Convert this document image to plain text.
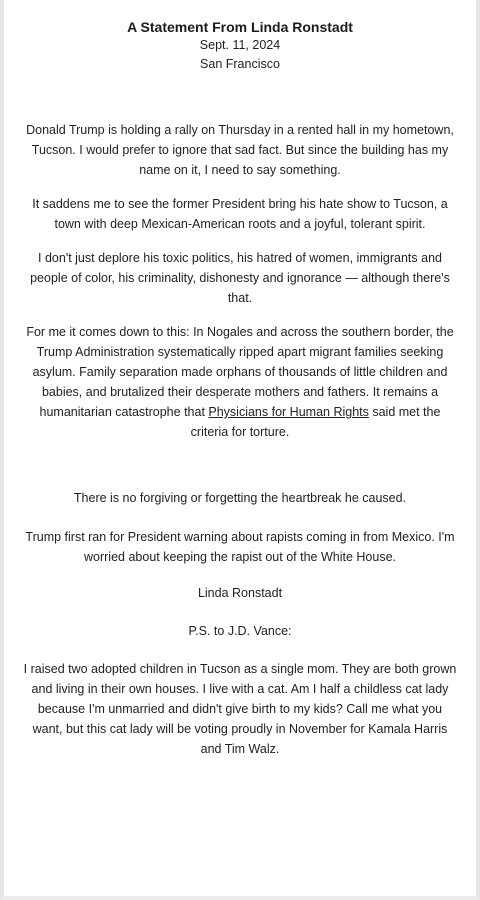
A Statement From Linda Ronstadt

Sept. 11, 2024

San Francisco

Donald Trump is holding a rally on Thursday in a rented hall in my hometown, Tucson. I would prefer to ignore that sad fact. But since the building has my name on it, I need to say something.

It saddens me to see the former President bring his hate show to Tucson, a town with deep Mexican-American roots and a joyful, tolerant spirit.

I don't just deplore his toxic politics, his hatred of women, immigrants and people of color, his criminality, dishonesty and ignorance — although there's that.

For me it comes down to this: In Nogales and across the southern border, the Trump Administration systematically ripped apart migrant families seeking asylum. Family separation made orphans of thousands of little children and babies, and brutalized their desperate mothers and fathers. It remains a humanitarian catastrophe that Physicians for Human Rights said met the criteria for torture.

There is no forgiving or forgetting the heartbreak he caused.

Trump first ran for President warning about rapists coming in from Mexico. I'm worried about keeping the rapist out of the White House.

Linda Ronstadt

P.S. to J.D. Vance:

I raised two adopted children in Tucson as a single mom. They are both grown and living in their own houses. I live with a cat. Am I half a childless cat lady because I'm unmarried and didn't give birth to my kids? Call me what you want, but this cat lady will be voting proudly in November for Kamala Harris and Tim Walz.
